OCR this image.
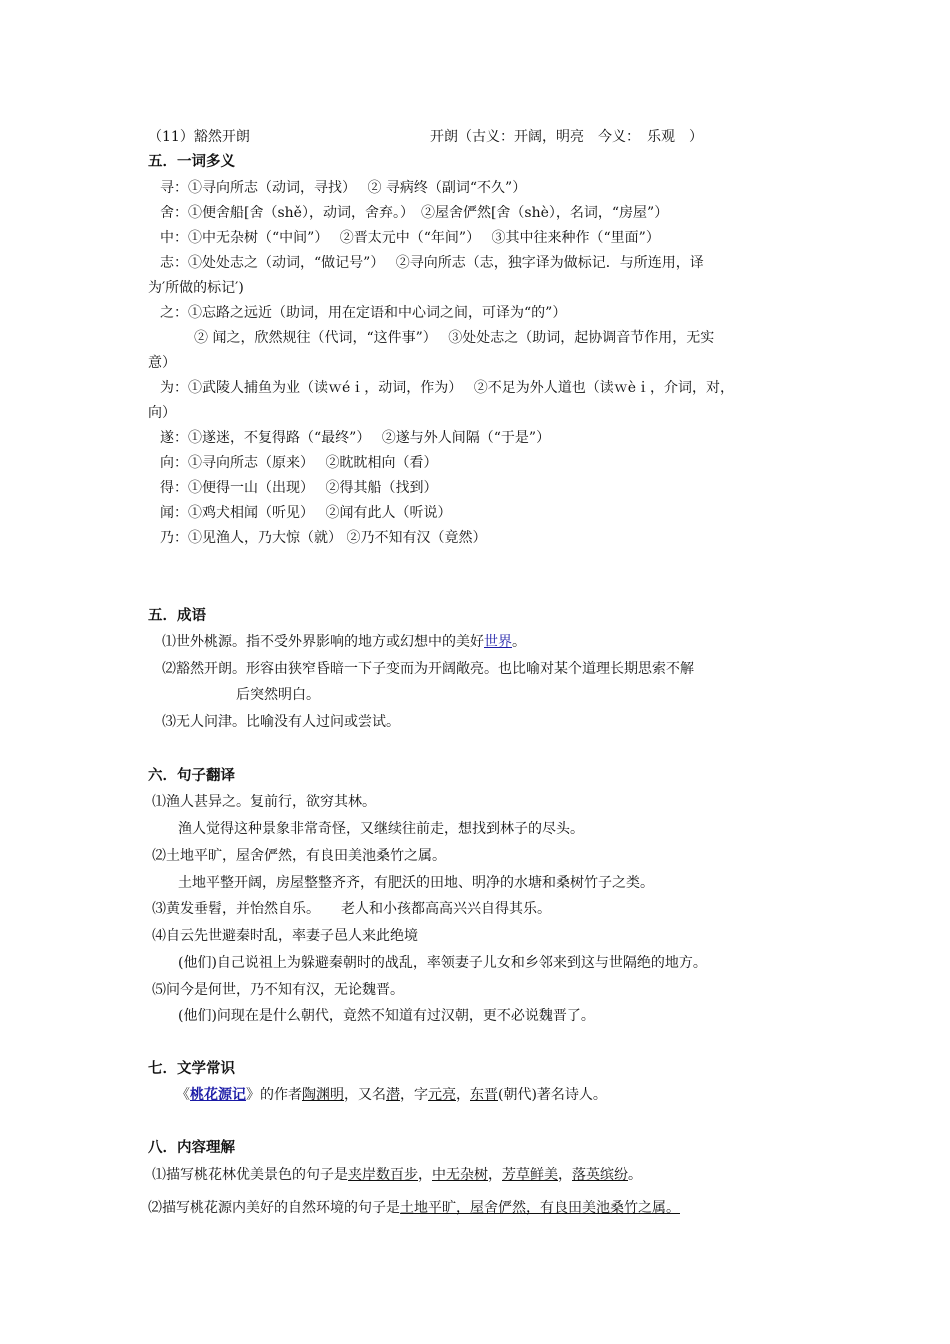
（11）豁然开朗	开朗（古义：开阔，明亮　今义：　乐观　）
五．一词多义
寻：①寻向所志（动词，寻找）　 ② 寻病终（副词“不久”）
舍：①便舍船[舍（shě），动词，舍弃。）　②屋舍俨然[舍（shè），名词，“房屋”）
中：①中无杂树（“中间”）　 ②晋太元中（“年间”）　 ③其中往来种作（“里面”）
志：①处处志之（动词，“做记号”）　 ②寻向所志（志，独字译为做标记．与所连用，译
为′所做的标记′)
之：①忘路之远近（助词，用在定语和中心词之间，可译为“的”）
② 闻之，欣然规往（代词，“这件事”）　 ③处处志之（助词，起协调音节作用，无实
意）
为：①武陵人捕鱼为业（读ｗéｉ，动词，作为）　 ②不足为外人道也（读ｗèｉ，介词，对，
向）
遂：①遂迷，不复得路（“最终”）　 ②遂与外人间隔（“于是”）
向：①寻向所志（原来）　 ②眈眈相向（看）
得：①便得一山（出现）　 ②得其船（找到）
闻：①鸡犬相闻（听见）　 ②闻有此人（听说）
乃：①见渔人，乃大惊（就） ②乃不知有汉（竟然）
五．成语
⑴世外桃源。指不受外界影响的地方或幻想中的美好世界。
⑵豁然开朗。形容由狭窄昏暗一下子变而为开阔敞亮。也比喻对某个道理长期思索不解
后突然明白。
⑶无人问津。比喻没有人过问或尝试。
六．句子翻译
⑴渔人甚异之。复前行，欲穷其林。
渔人觉得这种景象非常奇怪，又继续往前走，想找到林子的尽头。
⑵土地平旷，屋舍俨然，有良田美池桑竹之属。
土地平整开阔，房屋整整齐齐，有肥沃的田地、明净的水塘和桑树竹子之类。
⑶黄发垂髫，并怡然自乐。　　老人和小孩都高高兴兴自得其乐。
⑷自云先世避秦时乱，率妻子邑人来此绝境
(他们)自己说祖上为躲避秦朝时的战乱，率领妻子儿女和乡邻来到这与世隔绝的地方。
⑸问今是何世，乃不知有汉，无论魏晋。
(他们)问现在是什么朝代，竟然不知道有过汉朝，更不必说魏晋了。
七．文学常识
《桃花源记》的作者陶渊明，又名潜，字元亮，东晋(朝代)著名诗人。
八．内容理解
⑴描写桃花林优美景色的句子是夹岸数百步，中无杂树，芳草鲜美，落英缤纷。
⑵描写桃花源内美好的自然环境的句子是土地平旷，屋舍俨然，有良田美池桑竹之属。
